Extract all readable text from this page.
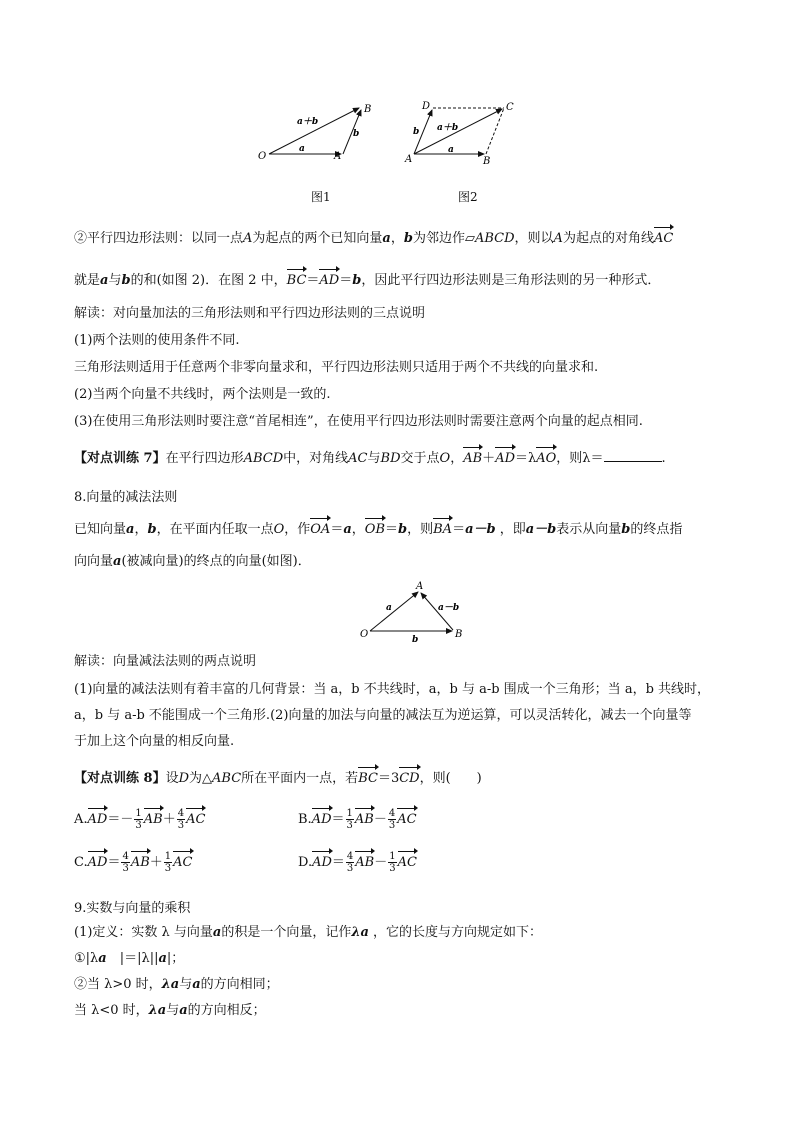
O	A
B
a
b
a＋b
图1
A	B
C
D
a
b a＋b
图2
②平行四边形法则：以同一点A为起点的两个已知向量a，b为邻边作▱ABCD，则以A为起点的对角线AC
就是a与b的和(如图 2)．在图 2 中，BC＝AD＝b，因此平行四边形法则是三角形法则的另一种形式．
解读：对向量加法的三角形法则和平行四边形法则的三点说明
(1)两个法则的使用条件不同.
三角形法则适用于任意两个非零向量求和，平行四边形法则只适用于两个不共线的向量求和.
(2)当两个向量不共线时，两个法则是一致的.
(3)在使用三角形法则时要注意“首尾相连”，在使用平行四边形法则时需要注意两个向量的起点相同.
【对点训练 7】在平行四边形ABCD中，对角线AC与BD交于点O，AB＋AD＝λAO，则λ＝	.
8.向量的减法法则
已知向量a，b，在平面内任取一点O，作OA＝a，OB＝b，则BA＝a－b ，即a－b表示从向量b的终点指
向向量a(被减向量)的终点的向量(如图)．
O
A
B
a
b
a－b
解读：向量减法法则的两点说明
(1)向量的减法法则有着丰富的几何背景：当 a，b 不共线时，a，b 与 a-b 围成一个三角形；当 a，b 共线时，
a，b 与 a-b 不能围成一个三角形.(2)向量的加法与向量的减法互为逆运算，可以灵活转化，减去一个向量等
于加上这个向量的相反向量.
【对点训练 8】设D为△ABC所在平面内一点，若BC＝3CD，则(　　)
$A.AD=- \frac{1}{3} AB+ \frac{4}{3}$ AC	$B.AD= \frac{1}{3} AB- \frac{4}{3}$ AC
$C.AD= \frac{4}{3} AB+ \frac{1}{3}$ AC	$D.AD= \frac{4}{3} AB- \frac{1}{3}$ AC
9.实数与向量的乘积
(1)定义：实数 λ 与向量a的积是一个向量，记作λa ，它的长度与方向规定如下：
①|λa　|＝|λ||a|；
②当 λ>0 时，λa与a的方向相同；
当 λ<0 时，λa与a的方向相反；
